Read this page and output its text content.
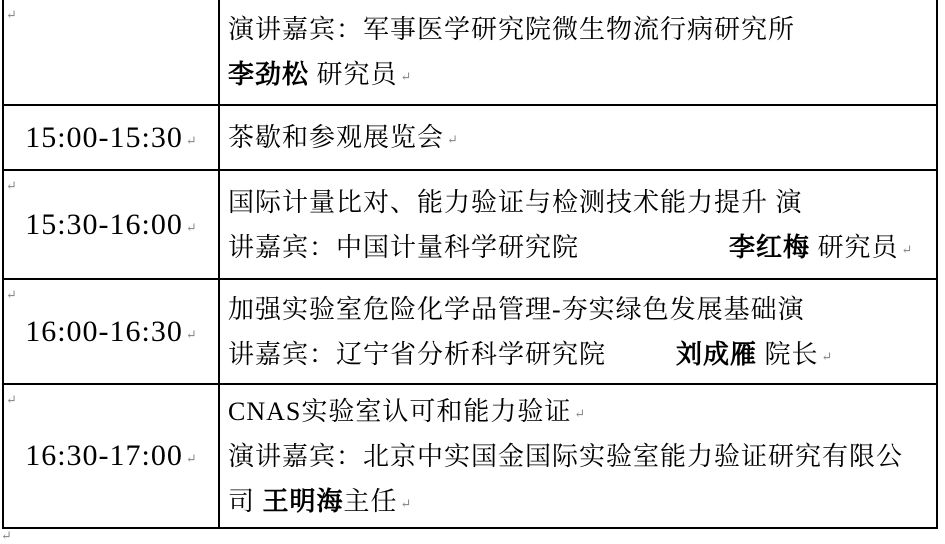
↵
演讲嘉宾：军事医学研究院微生物流行病研究所
李劲松 研究员 ↵
15:00-15:30 ↵ 茶歇和参观展览会 ↵
↵
15:30-16:00 ↵
国际计量比对、能力验证与检测技术能力提升 演
讲嘉宾：中国计量科学研究院	李红梅 研究员 ↵
↵
16:00-16:30 ↵
加强实验室危险化学品管理-夯实绿色发展基础演
讲嘉宾：辽宁省分析科学研究院	刘成雁 院长 ↵
↵
16:30-17:00 ↵
CNAS实验室认可和能力验证 ↵
演讲嘉宾：北京中实国金国际实验室能力验证研究有限公
司 王明海主任 ↵
↵
